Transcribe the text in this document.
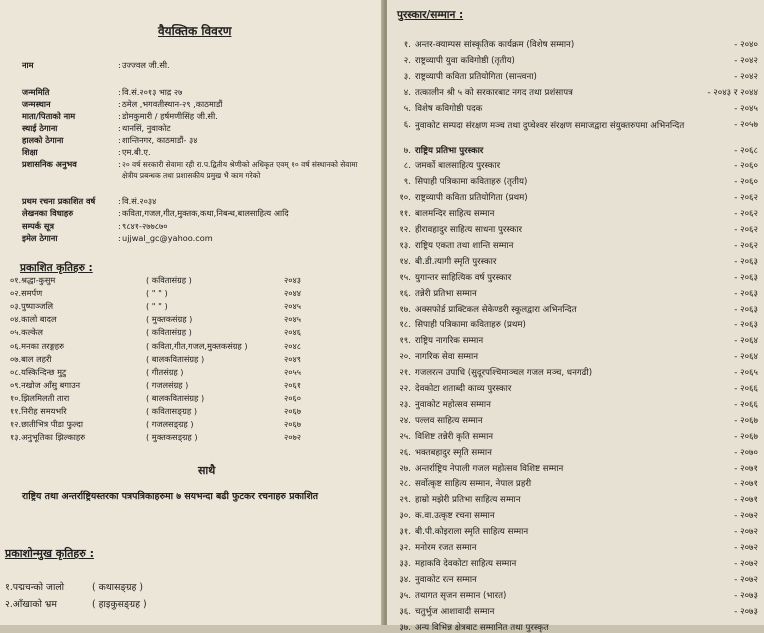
वैयक्तिक विवरण
नाम	: उज्ज्वल जी.सी.
जन्ममिति	: वि.सं.२०१३ भाद्र २७
जन्मस्थान	: ठमेल ,भगवतीस्थान-२९ ,काठमाडौं
माता/पिताको नाम	: डोमकुमारी / हर्षमणीसिंह जी.सी.
स्थाई ठेगाना	: थानसिं, नुवाकोट
हालको ठेगाना	: शान्तिनगर, काठमाडौं- ३४
शिक्षा	: एम.बी.ए.
प्रशासनिक अनुभव	: २० वर्ष सरकारी सेवामा रही रा.प.द्वितीय श्रेणीको अधिकृत एवम् १० वर्ष संस्थानको सेवामा क्षेत्रीय प्रबन्धक तथा प्रशासकीय प्रमुख भै काम गरेको
प्रथम रचना प्रकाशित वर्ष	: वि.सं.२०३४
लेखनका विधाहरु	: कविता,गजल,गीत,मुक्तक,कथा,निबन्ध,बालसाहित्य आदि
सम्पर्क सूत्र	: ९८४१-२७७८७०
इमेल ठेगाना	: ujjwal_gc@yahoo.com
प्रकाशित कृतिहरु :
०१.श्रद्धा-कुसुम	( कवितासंग्रह )	२०४३
०२.समर्पण	( " " )	२०४४
०३.पुष्पाञ्जलि	( " " )	२०४५
०४.कालो बादल	( मुक्तकसंग्रह )	२०४५
०५.कल्केल	( कवितासंग्रह )	२०४६
०६.मनका तरङ्गहरु	( कविता,गीत,गजल,मुक्तकसंग्रह )	२०४८
०७.बाल लहरी	( बालकवितासंग्रह )	२०४९
०८.यस्किन्दिन्छ मुटु	( गीतसंग्रह )	२०५५
०९.नखोज आँसु बगाउन	( गजलसंग्रह )	२०६१
१०.झिलमिलती तारा	( बालकवितासंग्रह )	२०६०
११.निरीह समयभरि	( कवितासङ्ग्रह )	२०६७
१२.छातीभित्र पीडा फुल्दा	( गजलसङ्ग्रह )	२०६७
१३.अनुभूतिका झिल्काहरु	( मुक्तकसङ्ग्रह )	२०७२
साथै
राष्ट्रिय तथा अन्तर्राष्ट्रियस्तरका पत्रपत्रिकाहरुमा ७ सयभन्दा बढी फुटकर रचनाहरु प्रकाशित
प्रकाशोन्मुख कृतिहरु :
१.पद्मचन्को जालो	( कथासङ्ग्रह )
२.आँखाको भ्रम	( हाइकुसङ्ग्रह )
पुरस्कार/सम्मान :
१. अन्तर-क्याम्पस सांस्कृतिक कार्यक्रम (विशेष सम्मान)	- २०४०
२. राष्ट्रव्यापी युवा कविगोष्ठी (तृतीय)	- २०४२
३. राष्ट्रव्यापी कविता प्रतियोगिता (सान्त्वना)	- २०४२
४. तत्कालीन श्री ५ को सरकारबाट नगद तथा प्रशंसापत्र	- २०४३ र २०४४
५. विशेष कविगोष्ठी पदक	- २०४५
६. नुवाकोट सम्पदा संरक्षण मञ्च तथा दुप्चेश्वर संरक्षण समाजद्वारा संयुक्तरुपमा अभिनन्दित	- २०५७
७. राष्ट्रिय प्रतिभा पुरस्कार	- २०६८
८. जमर्को बालसाहित्य पुरस्कार	- २०६०
९. सिपाही पत्रिकामा कविताहरु (तृतीय)	- २०६०
१०. राष्ट्रव्यापी कविता प्रतियोगिता (प्रथम)	- २०६२
११. बालमन्दिर साहित्य सम्मान	- २०६२
१२. हीरावहादुर साहित्य साधना पुरस्कार	- २०६२
१३. राष्ट्रिय एकता तथा शान्ति सम्मान	- २०६२
१४. बी.डी.त्यागी स्मृति पुरस्कार	- २०६३
१५. युगान्तर साहित्यिक वर्ष पुरस्कार	- २०६३
१६. तन्नेरी प्रतिभा सम्मान	- २०६३
१७. अक्सफोर्ड प्राक्टिकल सेकेण्डरी स्कूलद्वारा अभिनन्दित	- २०६३
१८. सिपाही पत्रिकामा कविताहरु (प्रथम)	- २०६३
१९. राष्ट्रिय नागरिक सम्मान	- २०६४
२०. नागरिक सेवा सम्मान	- २०६४
२१. गजलरत्न उपाधि (सुदूरपश्चिमाञ्चल गजल मञ्च, धनगढी)	- २०६५
२२. देवकोटा शताब्दी काव्य पुरस्कार	- २०६६
२३. नुवाकोट महोत्सव सम्मान	- २०६६
२४. पल्लव साहित्य सम्मान	- २०६७
२५. विशिष्ट तन्नेरी कृति सम्मान	- २०६७
२६. भक्तबहादुर स्मृति सम्मान	- २०७०
२७. अन्तर्राष्ट्रिय नेपाली गजल महोत्सव विशिष्ट सम्मान	- २०७१
२८. सर्वोत्कृष्ट साहित्य सम्मान, नेपाल प्रहरी	- २०७१
२९. हाम्रो मझेरी प्रतिभा साहित्य सम्मान	- २०७१
३०. क.वा.उत्कृष्ट रचना सम्मान	- २०७२
३१. बी.पी.कोइराला स्मृति साहित्य सम्मान	- २०७२
३२. मनोरम रजत सम्मान	- २०७२
३३. महाकवि देवकोटा साहित्य सम्मान	- २०७२
३४. नुवाकोट रत्न सम्मान	- २०७२
३५. तथागत सृजन सम्मान (भारत)	- २०७३
३६. चतुर्भुज आशावादी सम्मान	- २०७३
३७. अन्य विभिन्न क्षेत्रबाट सम्मानित तथा पुरस्कृत
